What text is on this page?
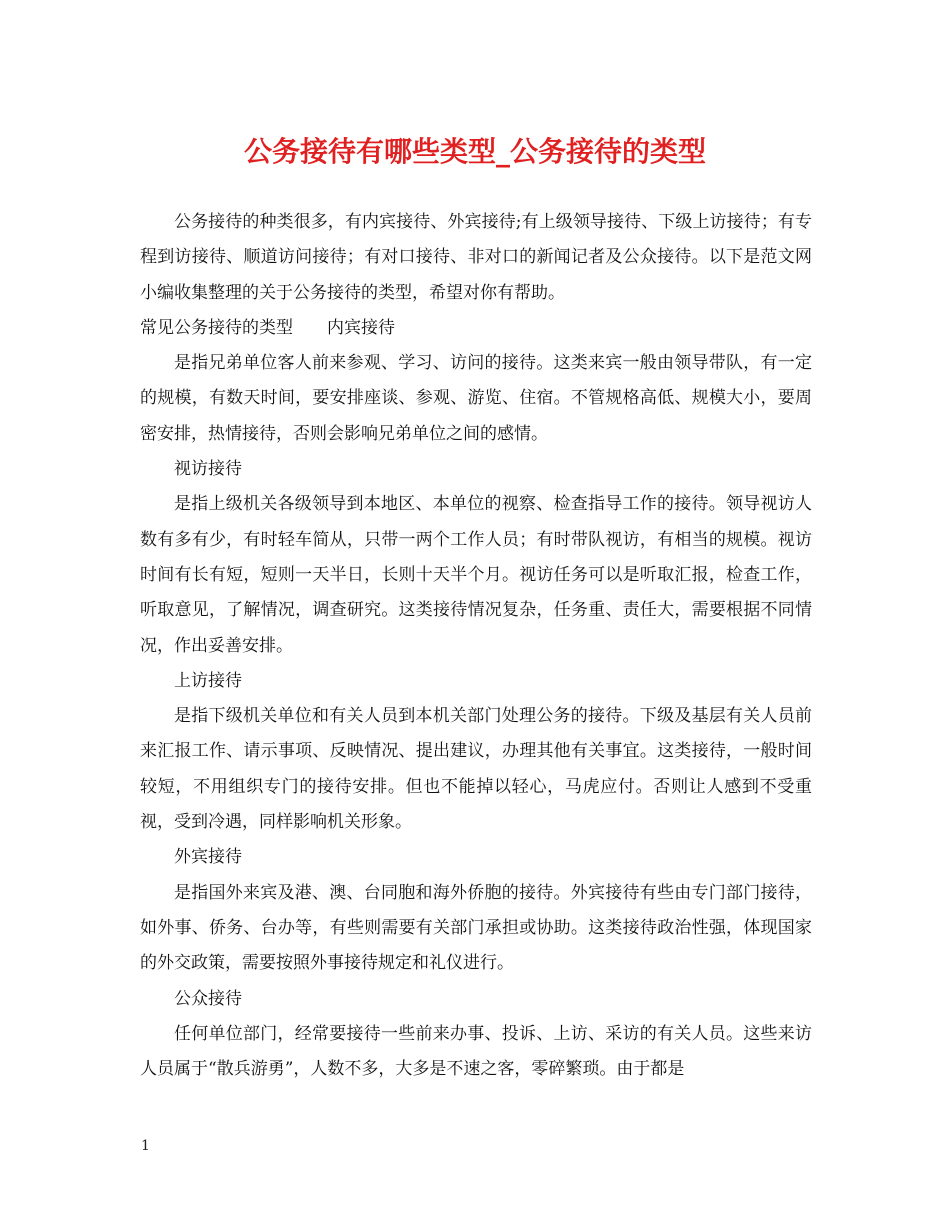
公务接待有哪些类型_公务接待的类型

公务接待的种类很多，有内宾接待、外宾接待;有上级领导接待、下级上访接待；有专程到访接待、顺道访问接待；有对口接待、非对口的新闻记者及公众接待。以下是范文网小编收集整理的关于公务接待的类型，希望对你有帮助。

常见公务接待的类型　　内宾接待

是指兄弟单位客人前来参观、学习、访问的接待。这类来宾一般由领导带队，有一定的规模，有数天时间，要安排座谈、参观、游览、住宿。不管规格高低、规模大小，要周密安排，热情接待，否则会影响兄弟单位之间的感情。

视访接待

是指上级机关各级领导到本地区、本单位的视察、检查指导工作的接待。领导视访人数有多有少，有时轻车简从，只带一两个工作人员；有时带队视访，有相当的规模。视访时间有长有短，短则一天半日，长则十天半个月。视访任务可以是听取汇报，检查工作，听取意见，了解情况，调查研究。这类接待情况复杂，任务重、责任大，需要根据不同情况，作出妥善安排。

上访接待

是指下级机关单位和有关人员到本机关部门处理公务的接待。下级及基层有关人员前来汇报工作、请示事项、反映情况、提出建议，办理其他有关事宜。这类接待，一般时间较短，不用组织专门的接待安排。但也不能掉以轻心，马虎应付。否则让人感到不受重视，受到冷遇，同样影响机关形象。

外宾接待

是指国外来宾及港、澳、台同胞和海外侨胞的接待。外宾接待有些由专门部门接待，如外事、侨务、台办等，有些则需要有关部门承担或协助。这类接待政治性强，体现国家的外交政策，需要按照外事接待规定和礼仪进行。

公众接待

任何单位部门，经常要接待一些前来办事、投诉、上访、采访的有关人员。这些来访人员属于“散兵游勇”，人数不多，大多是不速之客，零碎繁琐。由于都是

1
